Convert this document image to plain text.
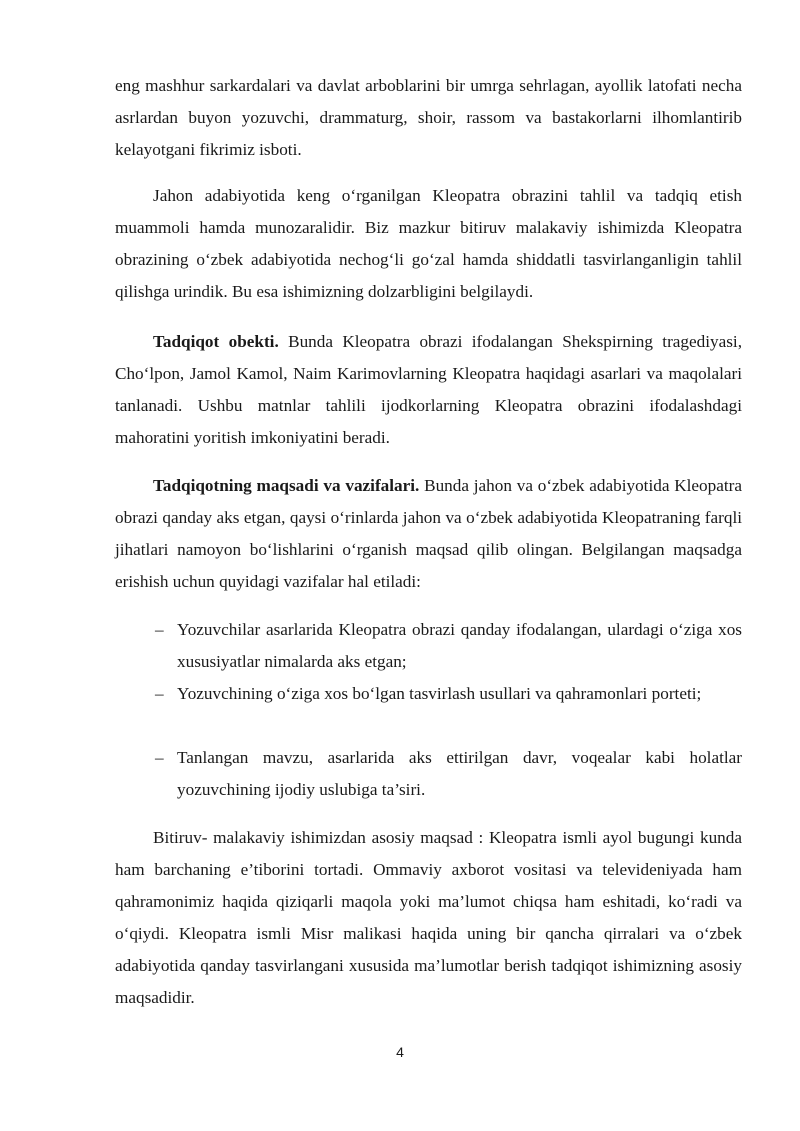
eng mashhur sarkardalari va davlat arboblarini bir umrga sehrlagan, ayollik latofati necha asrlardan buyon yozuvchi, drammaturg, shoir, rassom va bastakorlarni ilhomlantirib kelayotgani fikrimiz isboti.

Jahon adabiyotida keng o‘rganilgan Kleopatra obrazini tahlil va tadqiq etish muammoli hamda munozaralidir. Biz mazkur bitiruv malakaviy ishimizda Kleopatra obrazining o‘zbek adabiyotida nechog‘li go‘zal hamda shiddatli tasvirlanganligin tahlil qilishga urindik. Bu esa ishimizning dolzarbligini belgilaydi.

Tadqiqot obekti. Bunda Kleopatra obrazi ifodalangan Shekspirning tragediyasi, Cho‘lpon, Jamol Kamol, Naim Karimovlarning Kleopatra haqidagi asarlari va maqolalari tanlanadi. Ushbu matnlar tahlili ijodkorlarning Kleopatra obrazini ifodalashdagi mahoratini yoritish imkoniyatini beradi.

Tadqiqotning maqsadi va vazifalari. Bunda jahon va o‘zbek adabiyotida Kleopatra obrazi qanday aks etgan, qaysi o‘rinlarda jahon va o‘zbek adabiyotida Kleopatraning farqli jihatlari namoyon bo‘lishlarini o‘rganish maqsad qilib olingan. Belgilangan maqsadga erishish uchun quyidagi vazifalar hal etiladi:

– Yozuvchilar asarlarida Kleopatra obrazi qanday ifodalangan, ulardagi o‘ziga xos xususiyatlar nimalarda aks etgan;
– Yozuvchining o‘ziga xos bo‘lgan tasvirlash usullari va qahramonlari porteti;
– Tanlangan mavzu, asarlarida aks ettirilgan davr, voqealar kabi holatlar yozuvchining ijodiy uslubiga ta’siri.

Bitiruv- malakaviy ishimizdan asosiy maqsad : Kleopatra ismli ayol bugungi kunda ham barchaning e’tiborini tortadi. Ommaviy axborot vositasi va televideniyada ham qahramonimiz haqida qiziqarli maqola yoki ma’lumot chiqsa ham eshitadi, ko‘radi va o‘qiydi. Kleopatra ismli Misr malikasi haqida uning bir qancha qirralari va o‘zbek adabiyotida qanday tasvirlangani xususida ma’lumotlar berish tadqiqot ishimizning asosiy maqsadidir.

4
